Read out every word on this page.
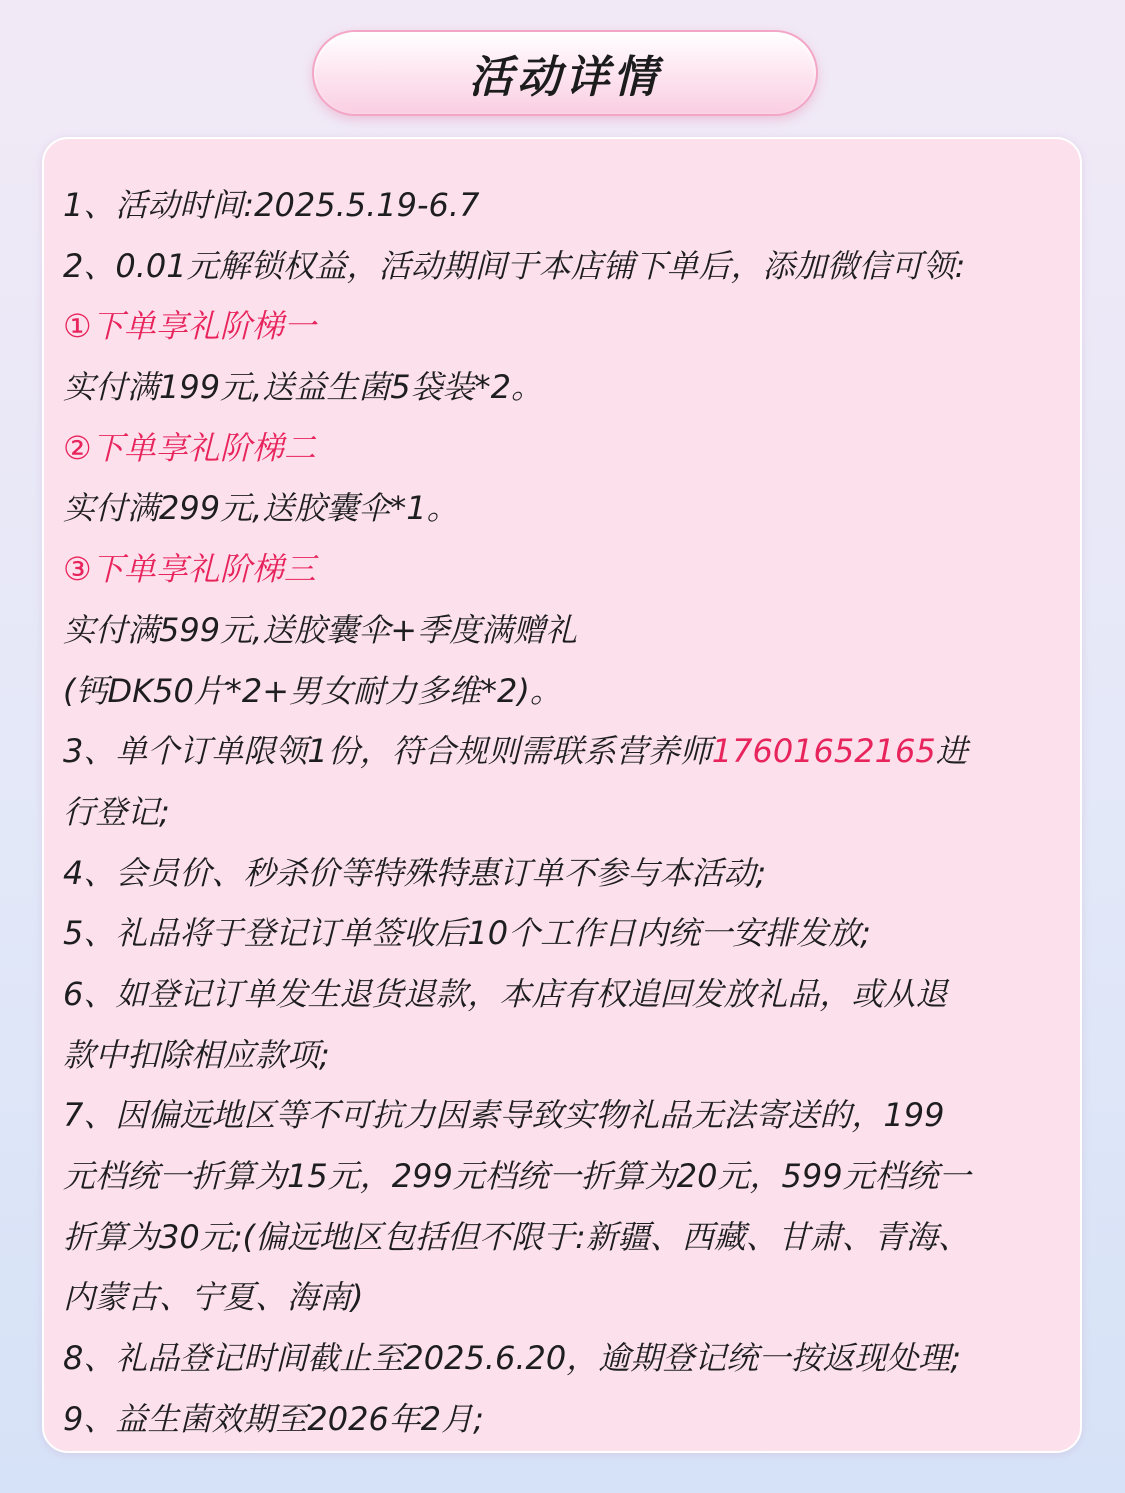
活动详情
1、活动时间:2025.5.19-6.7
2、0.01元解锁权益，活动期间于本店铺下单后，添加微信可领:
①下单享礼阶梯一
实付满199元,送益生菌5袋装*2。
②下单享礼阶梯二
实付满299元,送胶囊伞*1。
③下单享礼阶梯三
实付满599元,送胶囊伞+季度满赠礼
(钙DK50片*2+男女耐力多维*2)。
3、单个订单限领1份，符合规则需联系营养师17601652165进
行登记;
4、会员价、秒杀价等特殊特惠订单不参与本活动;
5、礼品将于登记订单签收后10个工作日内统一安排发放;
6、如登记订单发生退货退款，本店有权追回发放礼品，或从退
款中扣除相应款项;
7、因偏远地区等不可抗力因素导致实物礼品无法寄送的，199
元档统一折算为15元，299元档统一折算为20元，599元档统一
折算为30元;(偏远地区包括但不限于:新疆、西藏、甘肃、青海、
内蒙古、宁夏、海南)
8、礼品登记时间截止至2025.6.20，逾期登记统一按返现处理;
9、益生菌效期至2026年2月;
